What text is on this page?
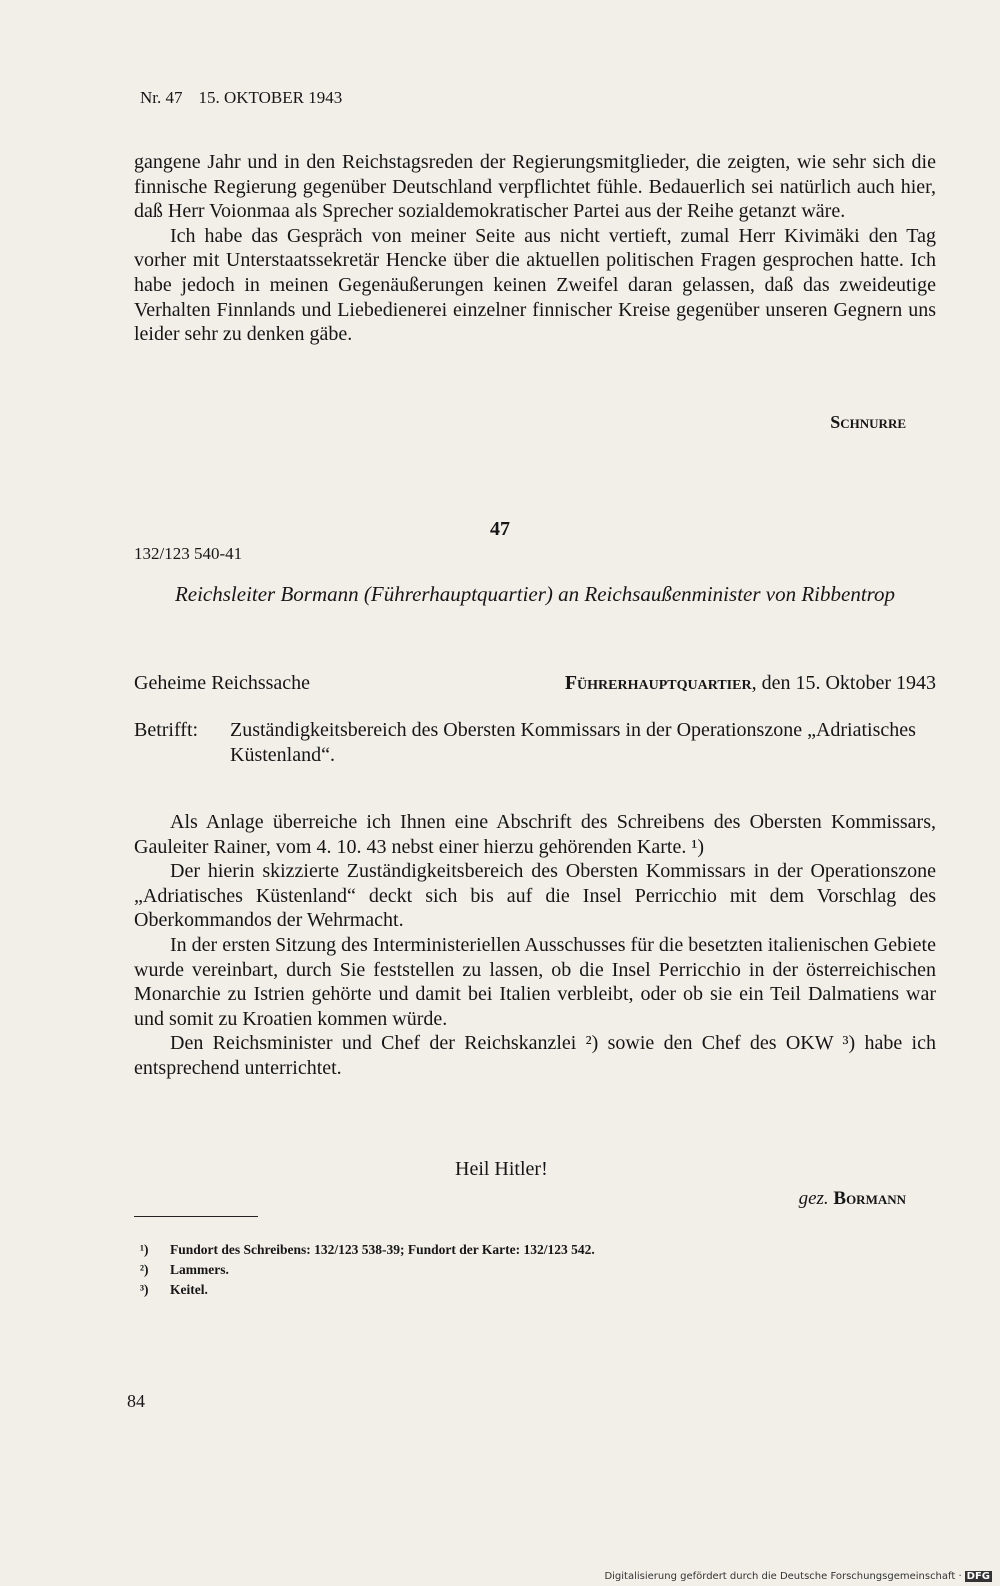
Nr. 47 15. OKTOBER 1943

gangene Jahr und in den Reichstagsreden der Regierungsmitglieder, die zeigten, wie sehr sich die finnische Regierung gegenüber Deutschland verpflichtet fühle. Bedauerlich sei natürlich auch hier, daß Herr Voionmaa als Sprecher sozialdemokratischer Partei aus der Reihe getanzt wäre.

Ich habe das Gespräch von meiner Seite aus nicht vertieft, zumal Herr Kivimäki den Tag vorher mit Unterstaatssekretär Hencke über die aktuellen politischen Fragen gesprochen hatte. Ich habe jedoch in meinen Gegenäußerungen keinen Zweifel daran gelassen, daß das zweideutige Verhalten Finnlands und Liebedienerei einzelner finnischer Kreise gegenüber unseren Gegnern uns leider sehr zu denken gäbe.

Schnurre
47
132/123 540-41
Reichsleiter Bormann (Führerhauptquartier) an Reichsaußenminister von Ribbentrop
Geheime Reichssache	Führerhauptquartier, den 15. Oktober 1943
Betrifft:	Zuständigkeitsbereich des Obersten Kommissars in der Operationszone „Adriatisches Küstenland“.

Als Anlage überreiche ich Ihnen eine Abschrift des Schreibens des Obersten Kommissars, Gauleiter Rainer, vom 4. 10. 43 nebst einer hierzu gehörenden Karte. ¹)

Der hierin skizzierte Zuständigkeitsbereich des Obersten Kommissars in der Operationszone „Adriatisches Küstenland“ deckt sich bis auf die Insel Perricchio mit dem Vorschlag des Oberkommandos der Wehrmacht.

In der ersten Sitzung des Interministeriellen Ausschusses für die besetzten italienischen Gebiete wurde vereinbart, durch Sie feststellen zu lassen, ob die Insel Perricchio in der österreichischen Monarchie zu Istrien gehörte und damit bei Italien verbleibt, oder ob sie ein Teil Dalmatiens war und somit zu Kroatien kommen würde.

Den Reichsminister und Chef der Reichskanzlei ²) sowie den Chef des OKW ³) habe ich entsprechend unterrichtet.

Heil Hitler!
gez. Bormann
¹) Fundort des Schreibens: 132/123 538-39; Fundort der Karte: 132/123 542.
²) Lammers.
³) Keitel.
84
Digitalisierung gefördert durch die Deutsche Forschungsgemeinschaft · DFG
